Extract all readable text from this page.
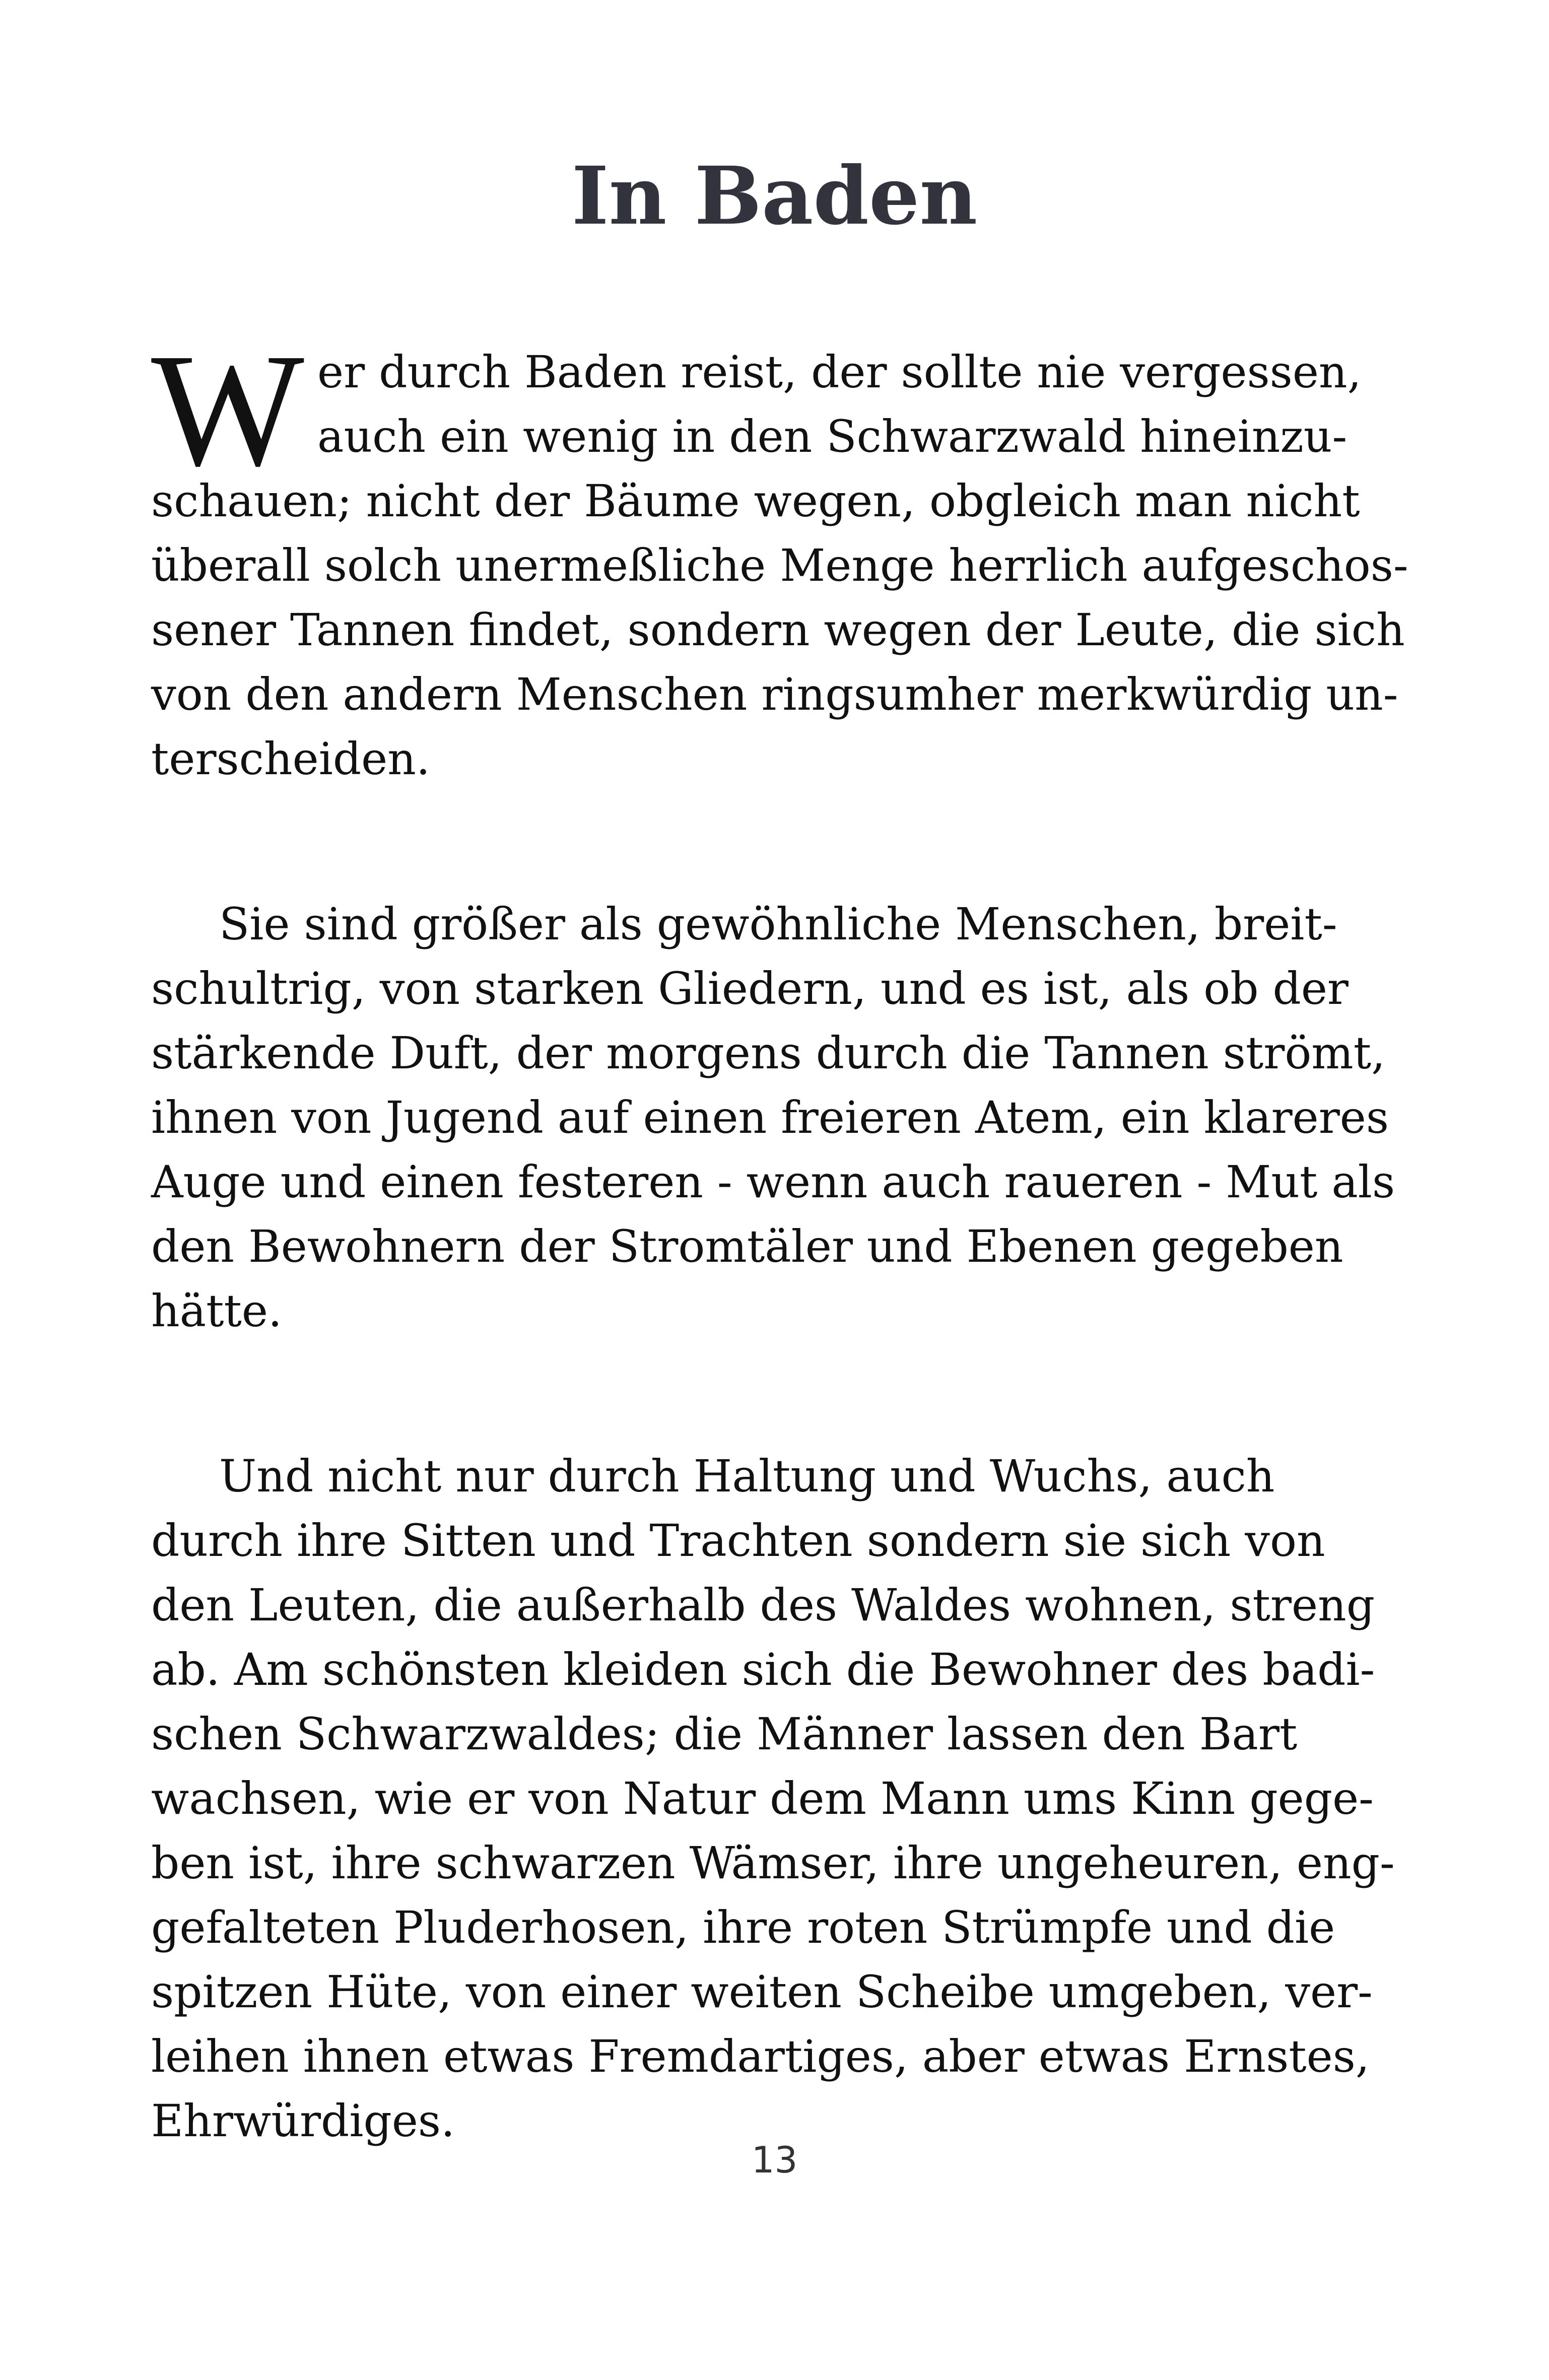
In Baden

W er durch Baden reist, der sollte nie vergessen,
auch ein wenig in den Schwarzwald hineinzu-
schauen; nicht der Bäume wegen, obgleich man nicht
überall solch unermeßliche Menge herrlich aufgeschos-
sener Tannen findet, sondern wegen der Leute, die sich
von den andern Menschen ringsumher merkwürdig un-
terscheiden.

Sie sind größer als gewöhnliche Menschen, breit-
schultrig, von starken Gliedern, und es ist, als ob der
stärkende Duft, der morgens durch die Tannen strömt,
ihnen von Jugend auf einen freieren Atem, ein klareres
Auge und einen festeren - wenn auch raueren - Mut als
den Bewohnern der Stromtäler und Ebenen gegeben
hätte.

Und nicht nur durch Haltung und Wuchs, auch
durch ihre Sitten und Trachten sondern sie sich von
den Leuten, die außerhalb des Waldes wohnen, streng
ab. Am schönsten kleiden sich die Bewohner des badi-
schen Schwarzwaldes; die Männer lassen den Bart
wachsen, wie er von Natur dem Mann ums Kinn gege-
ben ist, ihre schwarzen Wämser, ihre ungeheuren, eng-
gefalteten Pluderhosen, ihre roten Strümpfe und die
spitzen Hüte, von einer weiten Scheibe umgeben, ver-
leihen ihnen etwas Fremdartiges, aber etwas Ernstes,
Ehrwürdiges.

13
